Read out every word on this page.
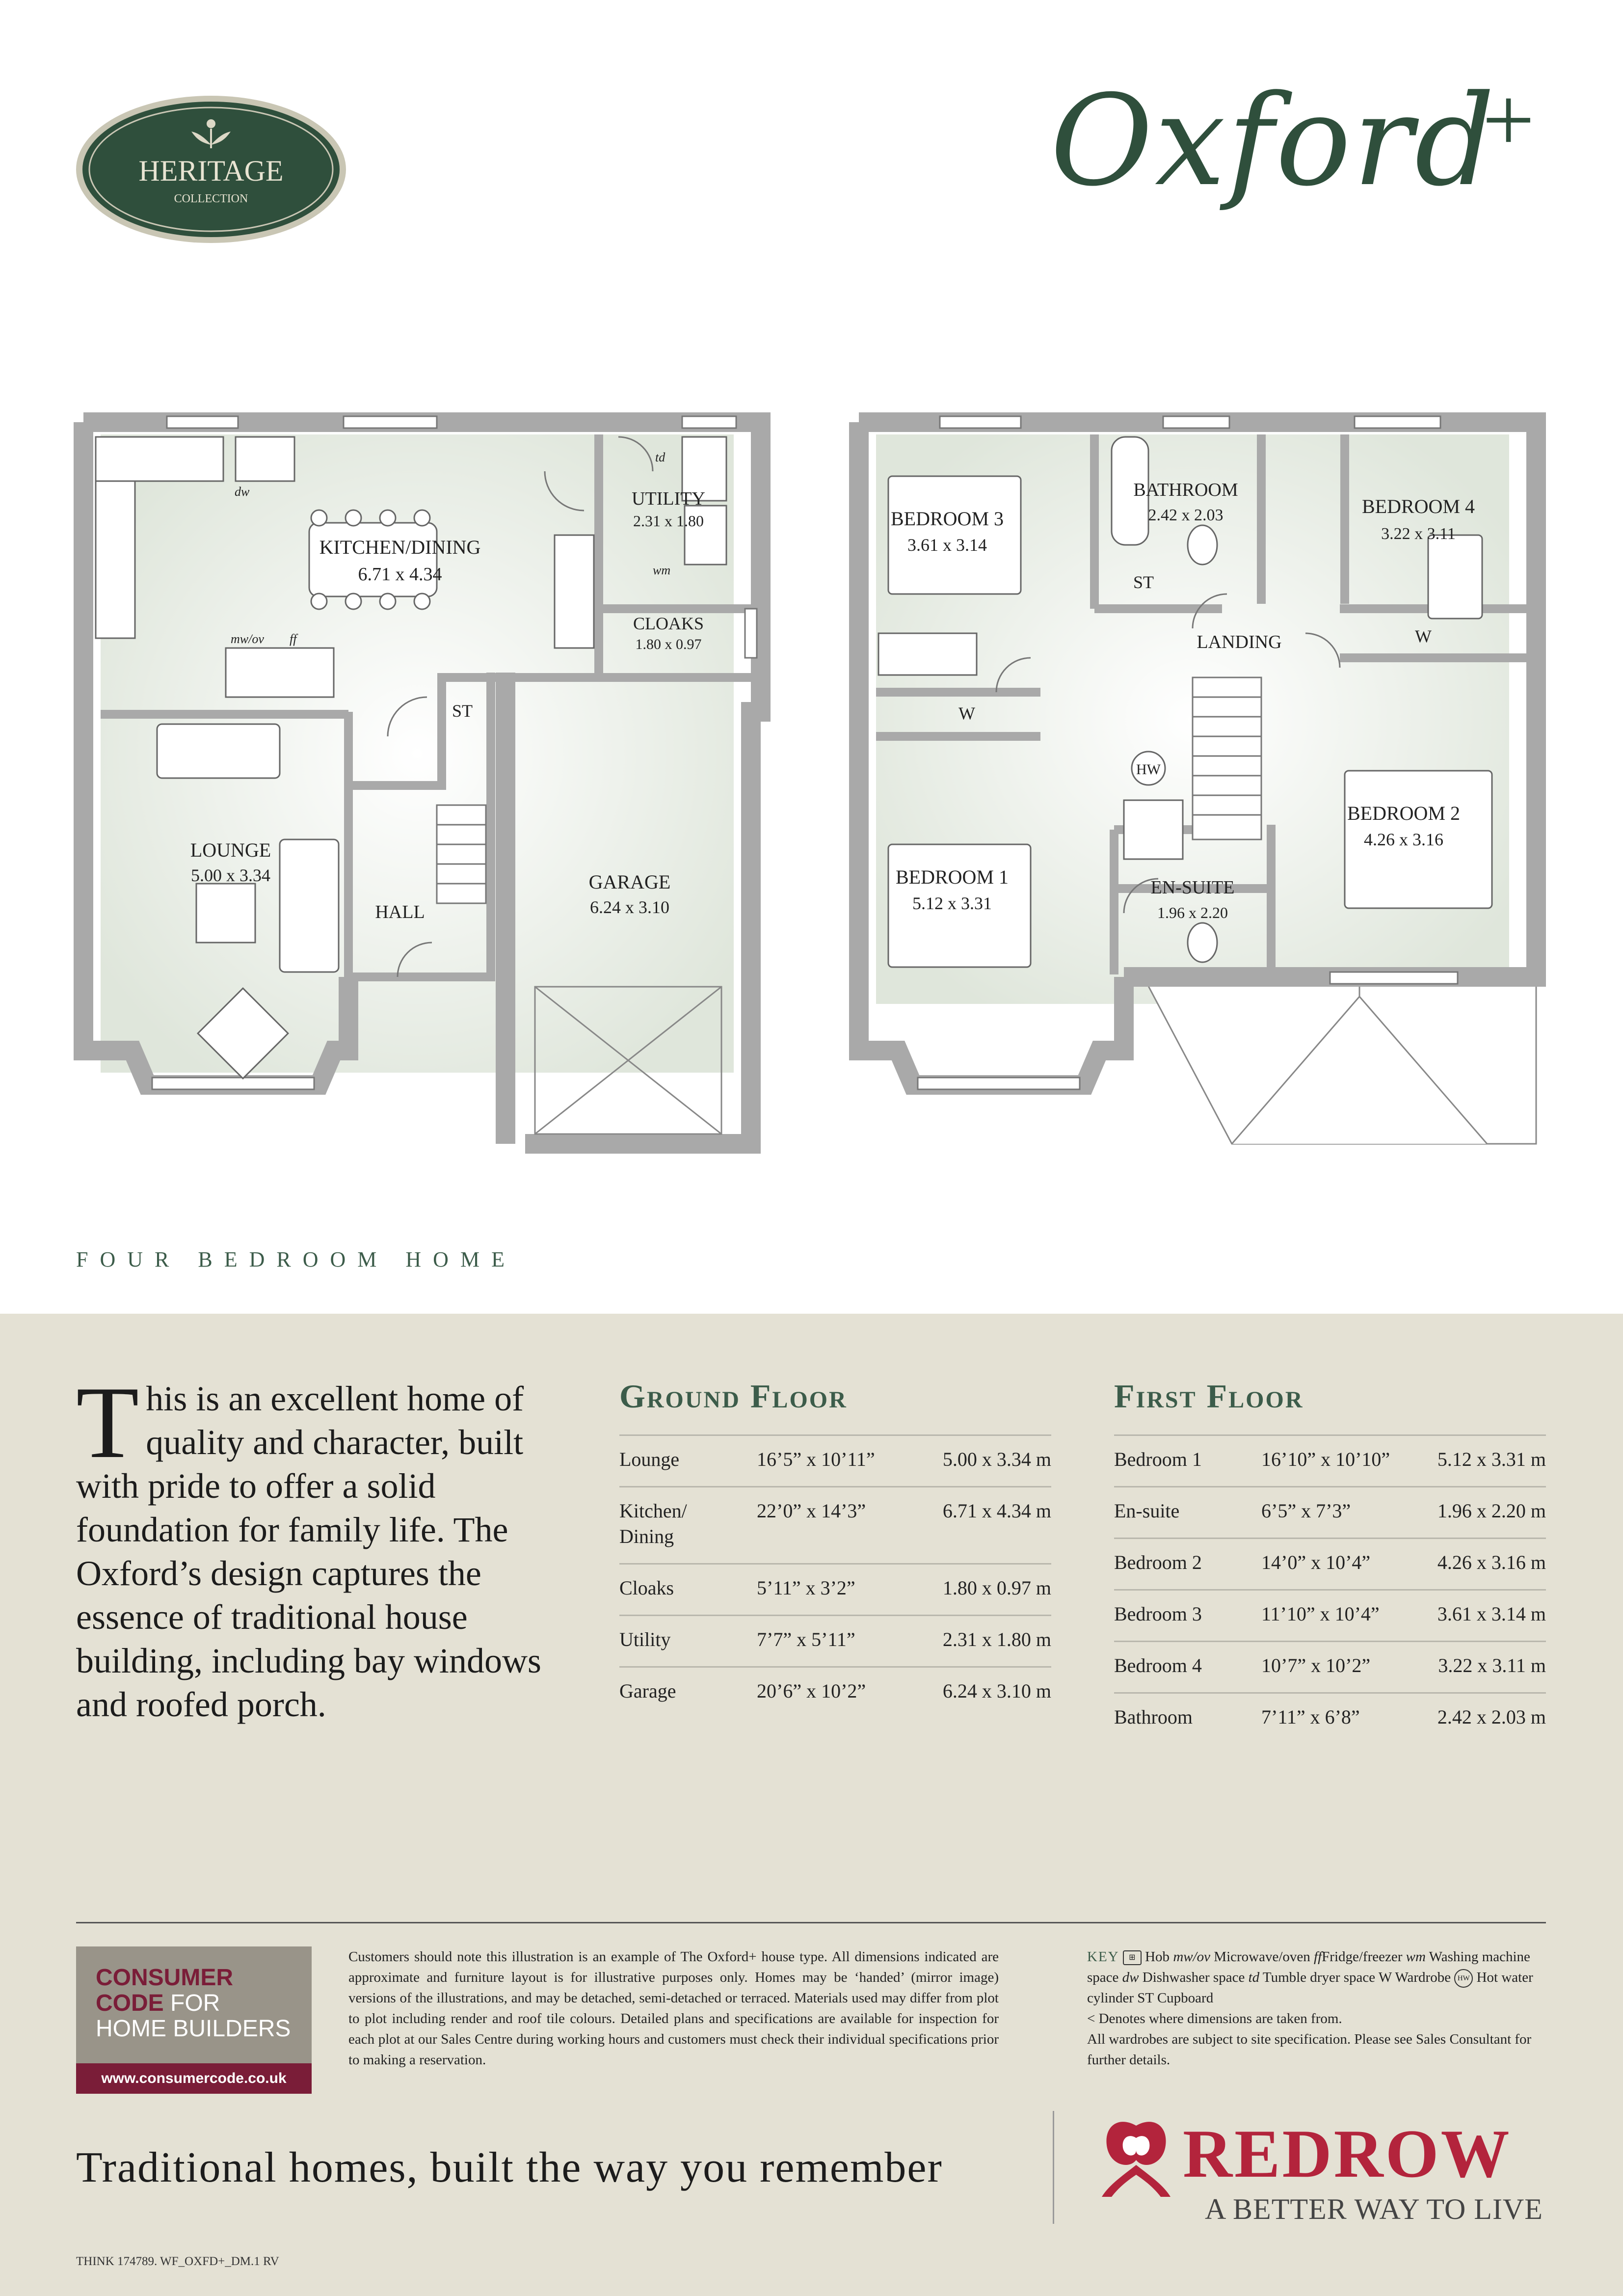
HERITAGE
COLLECTION	Oxford
+
KITCHEN/DINING
6.71 x 4.34
UTILITY
2.31 x 1.80
CLOAKS
1.80 x 0.97
LOUNGE
5.00 x 3.34	GARAGE
6.24 x 3.10
HALL
ST
dw
mw/ov ff
td
wm
HW
BEDROOM 3
3.61 x 3.14
BATHROOM
2.42 x 2.03	BEDROOM 4
3.22 x 3.11
BEDROOM 2
4.26 x 3.16
BEDROOM 1
5.12 x 3.31
EN-SUITE
1.96 x 2.20
LANDING
ST
W
W
FOUR BEDROOM HOME
This is an excellent home of quality and character, built with pride to offer a solid foundation for family life. The Oxford’s design captures the essence of traditional house building, including bay windows and roofed porch.
Ground Floor
Lounge	16’5” x 10’11”	5.00 x 3.34 m
Kitchen/
Dining
22’0” x 14’3”	6.71 x 4.34 m
Cloaks	5’11” x 3’2”	1.80 x 0.97 m
Utility	7’7” x 5’11”	2.31 x 1.80 m
Garage	20’6” x 10’2”	6.24 x 3.10 m
First Floor
Bedroom 1	16’10” x 10’10”	5.12 x 3.31 m
En-suite	6’5” x 7’3”	1.96 x 2.20 m
Bedroom 2	14’0” x 10’4”	4.26 x 3.16 m
Bedroom 3	11’10” x 10’4”	3.61 x 3.14 m
Bedroom 4	10’7” x 10’2”	3.22 x 3.11 m
Bathroom	7’11” x 6’8”	2.42 x 2.03 m
CONSUMER
CODE FOR
HOME BUILDERS
www.consumercode.co.uk
Customers should note this illustration is an example of The Oxford+ house type. All dimensions indicated are approximate and furniture layout is for illustrative purposes only. Homes may be ‘handed’ (mirror image) versions of the illustrations, and may be detached, semi-detached or terraced. Materials used may differ from plot to plot including render and roof tile colours. Detailed plans and specifications are available for inspection for each plot at our Sales Centre during working hours and customers must check their individual specifications prior to making a reservation.
KEY ⊞ Hob mw/ov Microwave/oven ffFridge/freezer wm Washing machine space dw Dishwasher space td Tumble dryer space W Wardrobe HW Hot water cylinder ST Cupboard
< Denotes where dimensions are taken from.
All wardrobes are subject to site specification. Please see Sales Consultant for further details.
Traditional homes, built the way you remember	REDROW
A BETTER WAY TO LIVE
THINK 174789. WF_OXFD+_DM.1 RV
